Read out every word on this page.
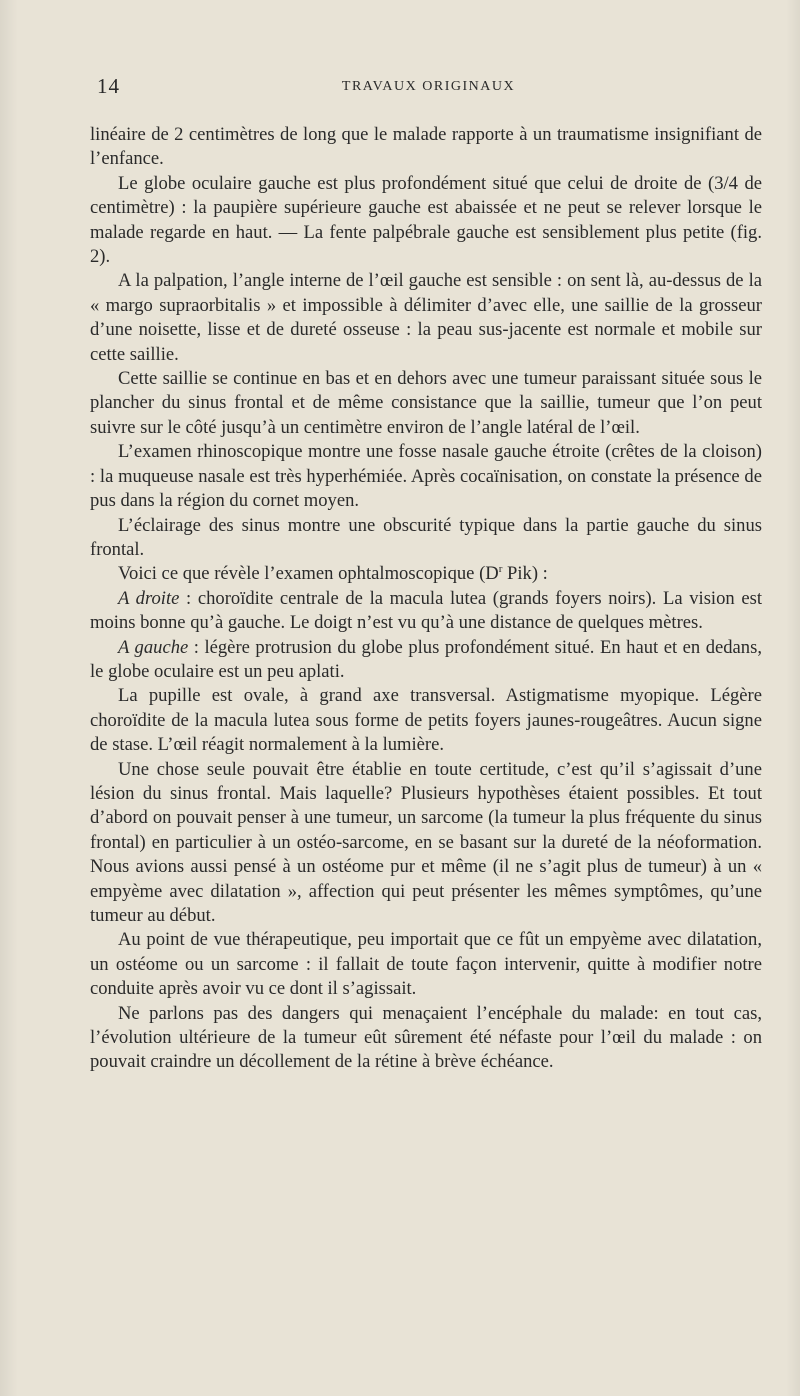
14	TRAVAUX ORIGINAUX

linéaire de 2 centimètres de long que le malade rapporte à un traumatisme insignifiant de l’enfance.

Le globe oculaire gauche est plus profondément situé que celui de droite de (3/4 de centimètre) : la paupière supérieure gauche est abaissée et ne peut se relever lorsque le malade regarde en haut. — La fente palpébrale gauche est sensiblement plus petite (fig. 2).

A la palpation, l’angle interne de l’œil gauche est sensible : on sent là, au-dessus de la « margo supraorbitalis » et impossible à délimiter d’avec elle, une saillie de la grosseur d’une noisette, lisse et de dureté osseuse : la peau sus-jacente est normale et mobile sur cette saillie.

Cette saillie se continue en bas et en dehors avec une tumeur paraissant située sous le plancher du sinus frontal et de même consistance que la saillie, tumeur que l’on peut suivre sur le côté jusqu’à un centimètre environ de l’angle latéral de l’œil.

L’examen rhinoscopique montre une fosse nasale gauche étroite (crêtes de la cloison) : la muqueuse nasale est très hyperhémiée. Après cocaïnisation, on constate la présence de pus dans la région du cornet moyen.

L’éclairage des sinus montre une obscurité typique dans la partie gauche du sinus frontal.

Voici ce que révèle l’examen ophtalmoscopique ($D^r$ Pik) :

A droite : choroïdite centrale de la macula lutea (grands foyers noirs). La vision est moins bonne qu’à gauche. Le doigt n’est vu qu’à une distance de quelques mètres.

A gauche : légère protrusion du globe plus profondément situé. En haut et en dedans, le globe oculaire est un peu aplati.

La pupille est ovale, à grand axe transversal. Astigmatisme myopique. Légère choroïdite de la macula lutea sous forme de petits foyers jaunes-rougeâtres. Aucun signe de stase. L’œil réagit normalement à la lumière.

Une chose seule pouvait être établie en toute certitude, c’est qu’il s’agissait d’une lésion du sinus frontal. Mais laquelle? Plusieurs hypothèses étaient possibles. Et tout d’abord on pouvait penser à une tumeur, un sarcome (la tumeur la plus fréquente du sinus frontal) en particulier à un ostéo-sarcome, en se basant sur la dureté de la néoformation. Nous avions aussi pensé à un ostéome pur et même (il ne s’agit plus de tumeur) à un « empyème avec dilatation », affection qui peut présenter les mêmes symptômes, qu’une tumeur au début.

Au point de vue thérapeutique, peu importait que ce fût un empyème avec dilatation, un ostéome ou un sarcome : il fallait de toute façon intervenir, quitte à modifier notre conduite après avoir vu ce dont il s’agissait.

Ne parlons pas des dangers qui menaçaient l’encéphale du malade: en tout cas, l’évolution ultérieure de la tumeur eût sûrement été néfaste pour l’œil du malade : on pouvait craindre un décollement de la rétine à brève échéance.
